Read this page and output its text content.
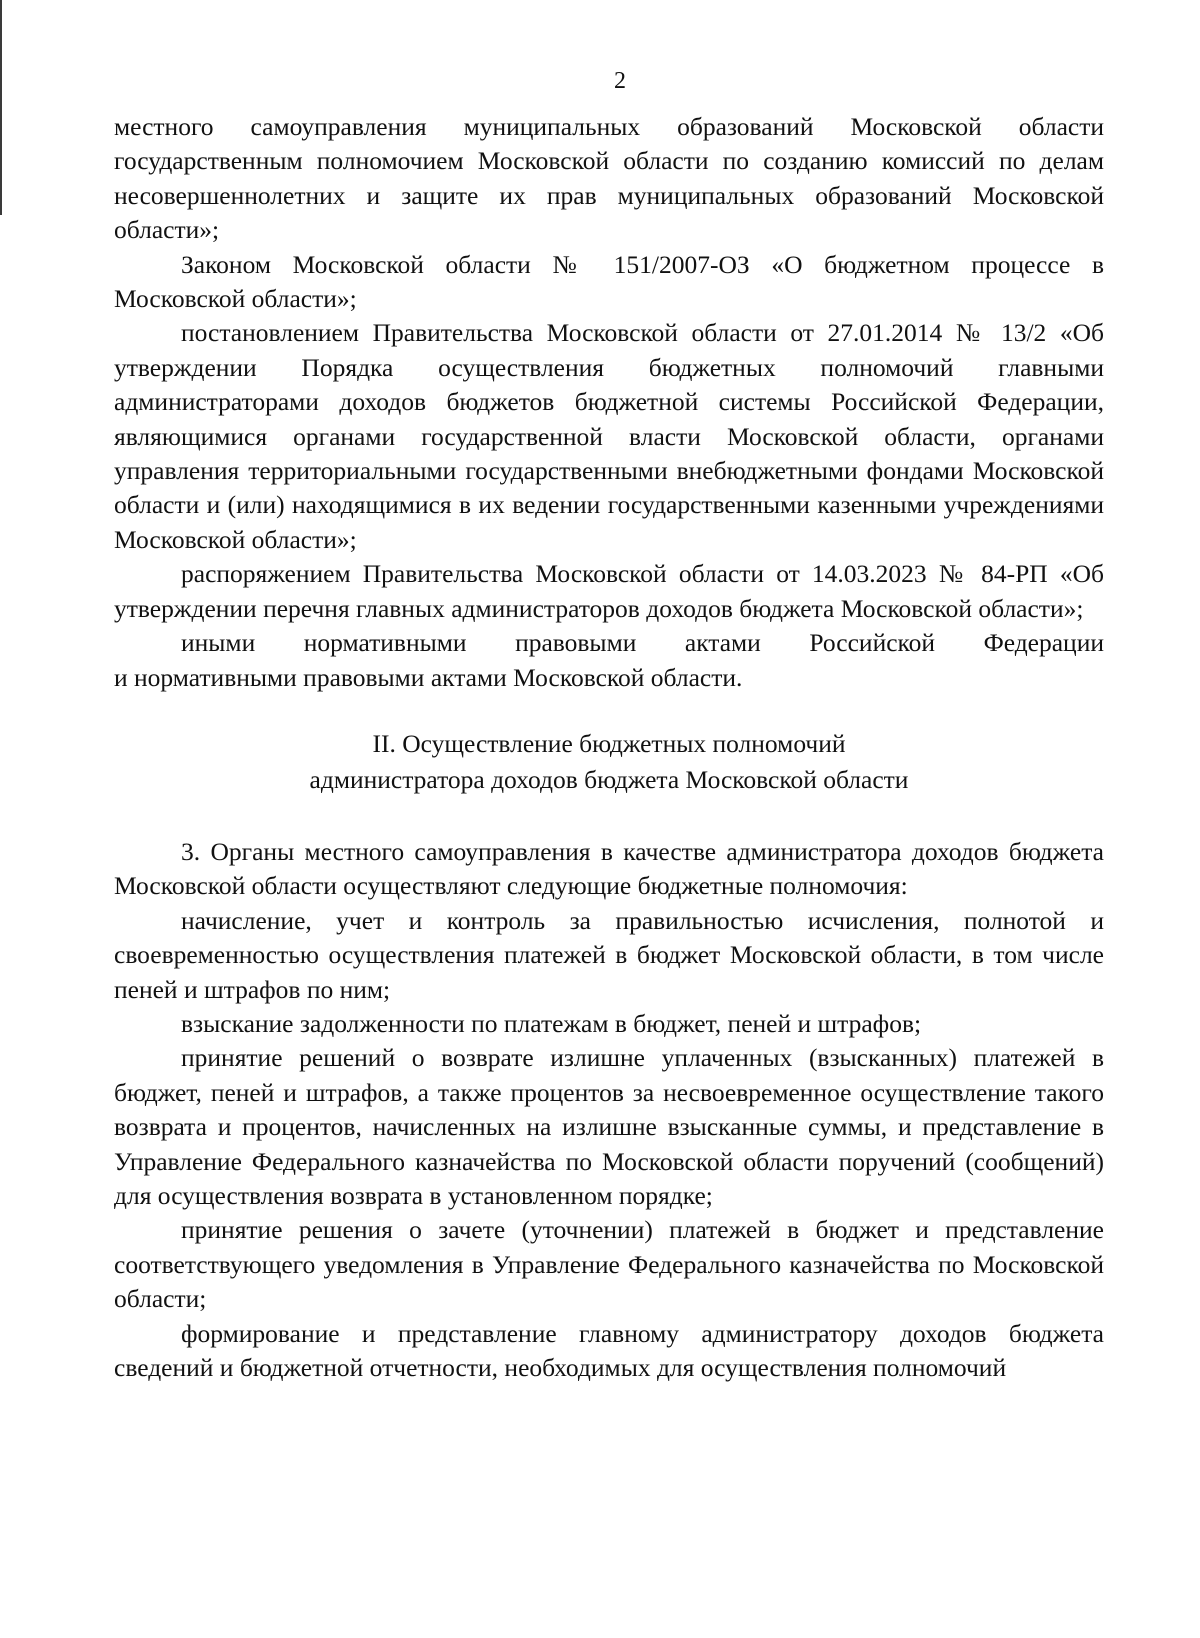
2

местного самоуправления муниципальных образований Московской области государственным полномочием Московской области по созданию комиссий по делам несовершеннолетних и защите их прав муниципальных образований Московской области»;

Законом Московской области № 151/2007-ОЗ «О бюджетном процессе в Московской области»;

постановлением Правительства Московской области от 27.01.2014 № 13/2 «Об утверждении Порядка осуществления бюджетных полномочий главными администраторами доходов бюджетов бюджетной системы Российской Федерации, являющимися органами государственной власти Московской области, органами управления территориальными государственными внебюджетными фондами Московской области и (или) находящимися в их ведении государственными казенными учреждениями Московской области»;

распоряжением Правительства Московской области от 14.03.2023 № 84-РП «Об утверждении перечня главных администраторов доходов бюджета Московской области»;

иными нормативными правовыми актами Российской Федерации

и нормативными правовыми актами Московской области.

II. Осуществление бюджетных полномочий
администратора доходов бюджета Московской области

3. Органы местного самоуправления в качестве администратора доходов бюджета Московской области осуществляют следующие бюджетные полномочия:

начисление, учет и контроль за правильностью исчисления, полнотой и своевременностью осуществления платежей в бюджет Московской области, в том числе пеней и штрафов по ним;

взыскание задолженности по платежам в бюджет, пеней и штрафов;

принятие решений о возврате излишне уплаченных (взысканных) платежей в бюджет, пеней и штрафов, а также процентов за несвоевременное осуществление такого возврата и процентов, начисленных на излишне взысканные суммы, и представление в Управление Федерального казначейства по Московской области поручений (сообщений) для осуществления возврата в установленном порядке;

принятие решения о зачете (уточнении) платежей в бюджет и представление соответствующего уведомления в Управление Федерального казначейства по Московской области;

формирование и представление главному администратору доходов бюджета сведений и бюджетной отчетности, необходимых для осуществления полномочий
